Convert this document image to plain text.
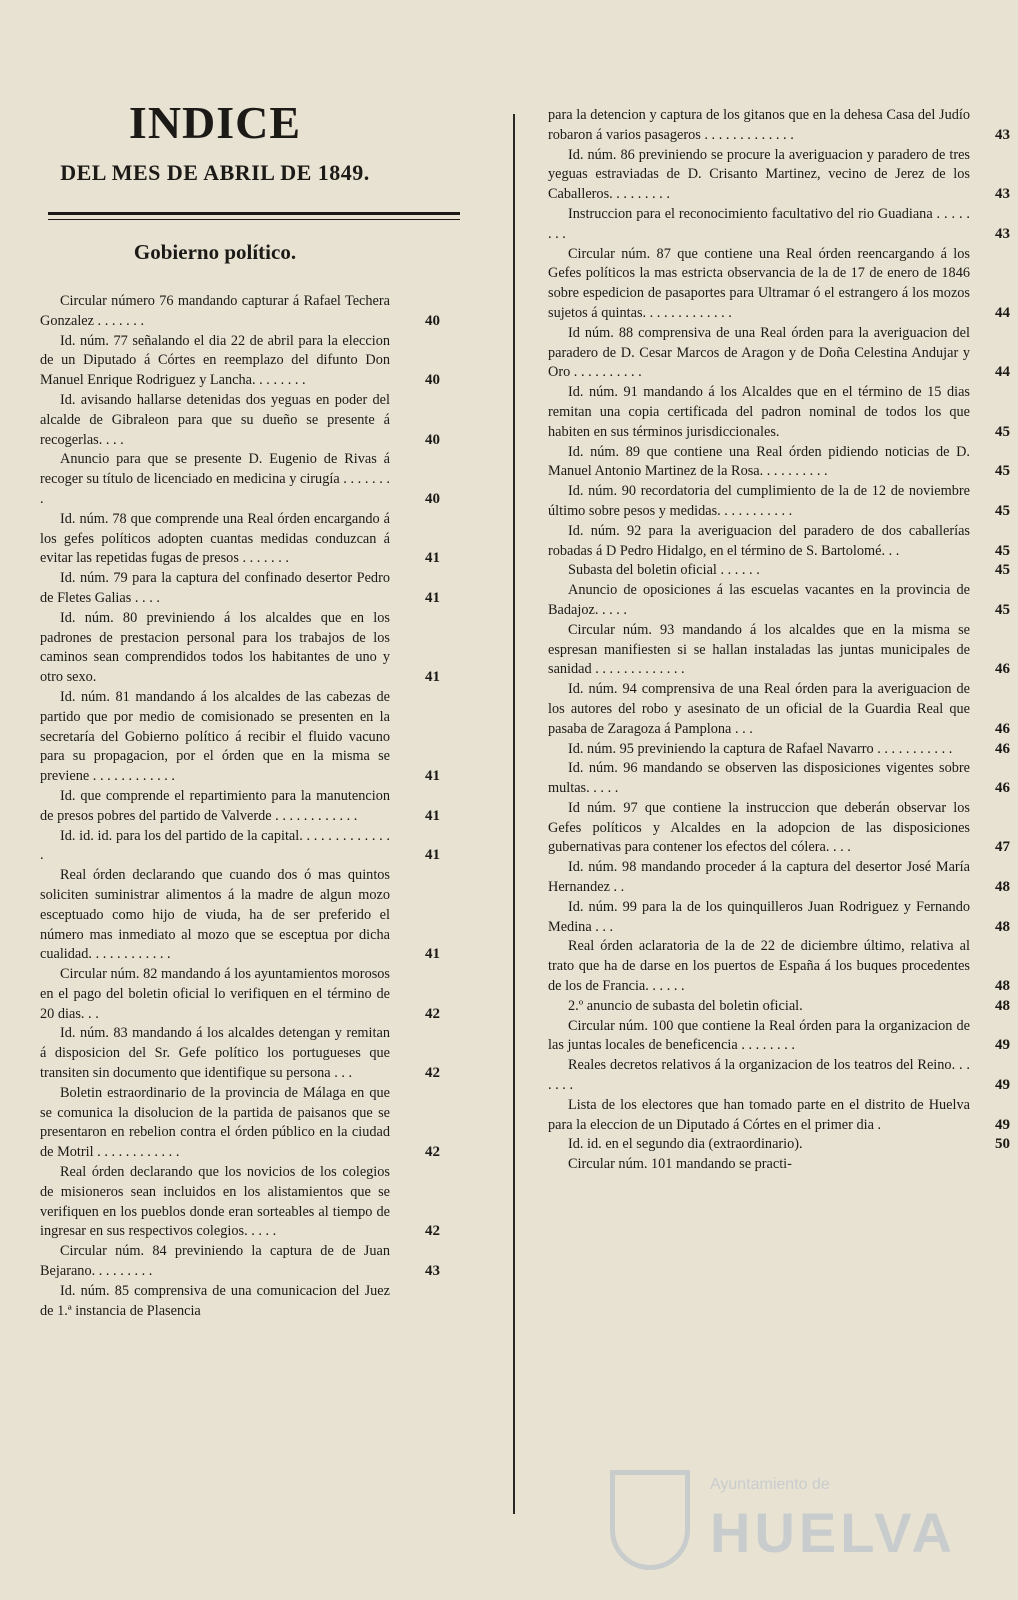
INDICE
DEL MES DE ABRIL DE 1849.
Gobierno político.
Circular número 76 mandando capturar á Rafael Techera Gonzalez . . . . . . .	40
Id. núm. 77 señalando el dia 22 de abril para la eleccion de un Diputado á Córtes en reemplazo del difunto Don Manuel Enrique Rodriguez y Lancha. . . . . . . .	40
Id. avisando hallarse detenidas dos yeguas en poder del alcalde de Gibraleon para que su dueño se presente á recogerlas. . . .	40
Anuncio para que se presente D. Eugenio de Rivas á recoger su título de licenciado en medicina y cirugía . . . . . . . .	40
Id. núm. 78 que comprende una Real órden encargando á los gefes políticos adopten cuantas medidas conduzcan á evitar las repetidas fugas de presos . . . . . . .	41
Id. núm. 79 para la captura del confinado desertor Pedro de Fletes Galias . . . .	41
Id. núm. 80 previniendo á los alcaldes que en los padrones de prestacion personal para los trabajos de los caminos sean comprendidos todos los habitantes de uno y otro sexo.	41
Id. núm. 81 mandando á los alcaldes de las cabezas de partido que por medio de comisionado se presenten en la secretaría del Gobierno político á recibir el fluido vacuno para su propagacion, por el órden que en la misma se previene . . . . . . . . . . . .	41
Id. que comprende el repartimiento para la manutencion de presos pobres del partido de Valverde . . . . . . . . . . . .	41
Id. id. id. para los del partido de la capital. . . . . . . . . . . . . .	41
Real órden declarando que cuando dos ó mas quintos soliciten suministrar alimentos á la madre de algun mozo esceptuado como hijo de viuda, ha de ser preferido el número mas inmediato al mozo que se esceptua por dicha cualidad. . . . . . . . . . . .	41
Circular núm. 82 mandando á los ayuntamientos morosos en el pago del boletin oficial lo verifiquen en el término de 20 dias. . .	42
Id. núm. 83 mandando á los alcaldes detengan y remitan á disposicion del Sr. Gefe político los portugueses que transiten sin documento que identifique su persona . . .	42
Boletin estraordinario de la provincia de Málaga en que se comunica la disolucion de la partida de paisanos que se presentaron en rebelion contra el órden público en la ciudad de Motril . . . . . . . . . . . .	42
Real órden declarando que los novicios de los colegios de misioneros sean incluidos en los alistamientos que se verifiquen en los pueblos donde eran sorteables al tiempo de ingresar en sus respectivos colegios. . . . .	42
Circular núm. 84 previniendo la captura de de Juan Bejarano. . . . . . . . .	43
Id. núm. 85 comprensiva de una comunicacion del Juez de 1.ª instancia de Plasencia
para la detencion y captura de los gitanos que en la dehesa Casa del Judío robaron á varios pasageros . . . . . . . . . . . . .	43
Id. núm. 86 previniendo se procure la averiguacion y paradero de tres yeguas estraviadas de D. Crisanto Martinez, vecino de Jerez de los Caballeros. . . . . . . . .	43
Instruccion para el reconocimiento facultativo del rio Guadiana . . . . . . . .	43
Circular núm. 87 que contiene una Real órden reencargando á los Gefes políticos la mas estricta observancia de la de 17 de enero de 1846 sobre espedicion de pasaportes para Ultramar ó el estrangero á los mozos sujetos á quintas. . . . . . . . . . . . .	44
Id núm. 88 comprensiva de una Real órden para la averiguacion del paradero de D. Cesar Marcos de Aragon y de Doña Celestina Andujar y Oro . . . . . . . . . .	44
Id. núm. 91 mandando á los Alcaldes que en el término de 15 dias remitan una copia certificada del padron nominal de todos los que habiten en sus términos jurisdiccionales.	45
Id. núm. 89 que contiene una Real órden pidiendo noticias de D. Manuel Antonio Martinez de la Rosa. . . . . . . . . .	45
Id. núm. 90 recordatoria del cumplimiento de la de 12 de noviembre último sobre pesos y medidas. . . . . . . . . . .	45
Id. núm. 92 para la averiguacion del paradero de dos caballerías robadas á D Pedro Hidalgo, en el término de S. Bartolomé. . .	45
Subasta del boletin oficial . . . . . .	45
Anuncio de oposiciones á las escuelas vacantes en la provincia de Badajoz. . . . .	45
Circular núm. 93 mandando á los alcaldes que en la misma se espresan manifiesten si se hallan instaladas las juntas municipales de sanidad . . . . . . . . . . . . .	46
Id. núm. 94 comprensiva de una Real órden para la averiguacion de los autores del robo y asesinato de un oficial de la Guardia Real que pasaba de Zaragoza á Pamplona . . .	46
Id. núm. 95 previniendo la captura de Rafael Navarro . . . . . . . . . . .	46
Id. núm. 96 mandando se observen las disposiciones vigentes sobre multas. . . . .	46
Id núm. 97 que contiene la instruccion que deberán observar los Gefes políticos y Alcaldes en la adopcion de las disposiciones gubernativas para contener los efectos del cólera. . . .	47
Id. núm. 98 mandando proceder á la captura del desertor José María Hernandez . .	48
Id. núm. 99 para la de los quinquilleros Juan Rodriguez y Fernando Medina . . .	48
Real órden aclaratoria de la de 22 de diciembre último, relativa al trato que ha de darse en los puertos de España á los buques procedentes de los de Francia. . . . . .	48
2.º anuncio de subasta del boletin oficial.	48
Circular núm. 100 que contiene la Real órden para la organizacion de las juntas locales de beneficencia . . . . . . . .	49
Reales decretos relativos á la organizacion de los teatros del Reino. . . . . . .	49
Lista de los electores que han tomado parte en el distrito de Huelva para la eleccion de un Diputado á Córtes en el primer dia .	49
Id. id. en el segundo dia (extraordinario).	50
Circular núm. 101 mandando se practi-
Ayuntamiento de
HUELVA
